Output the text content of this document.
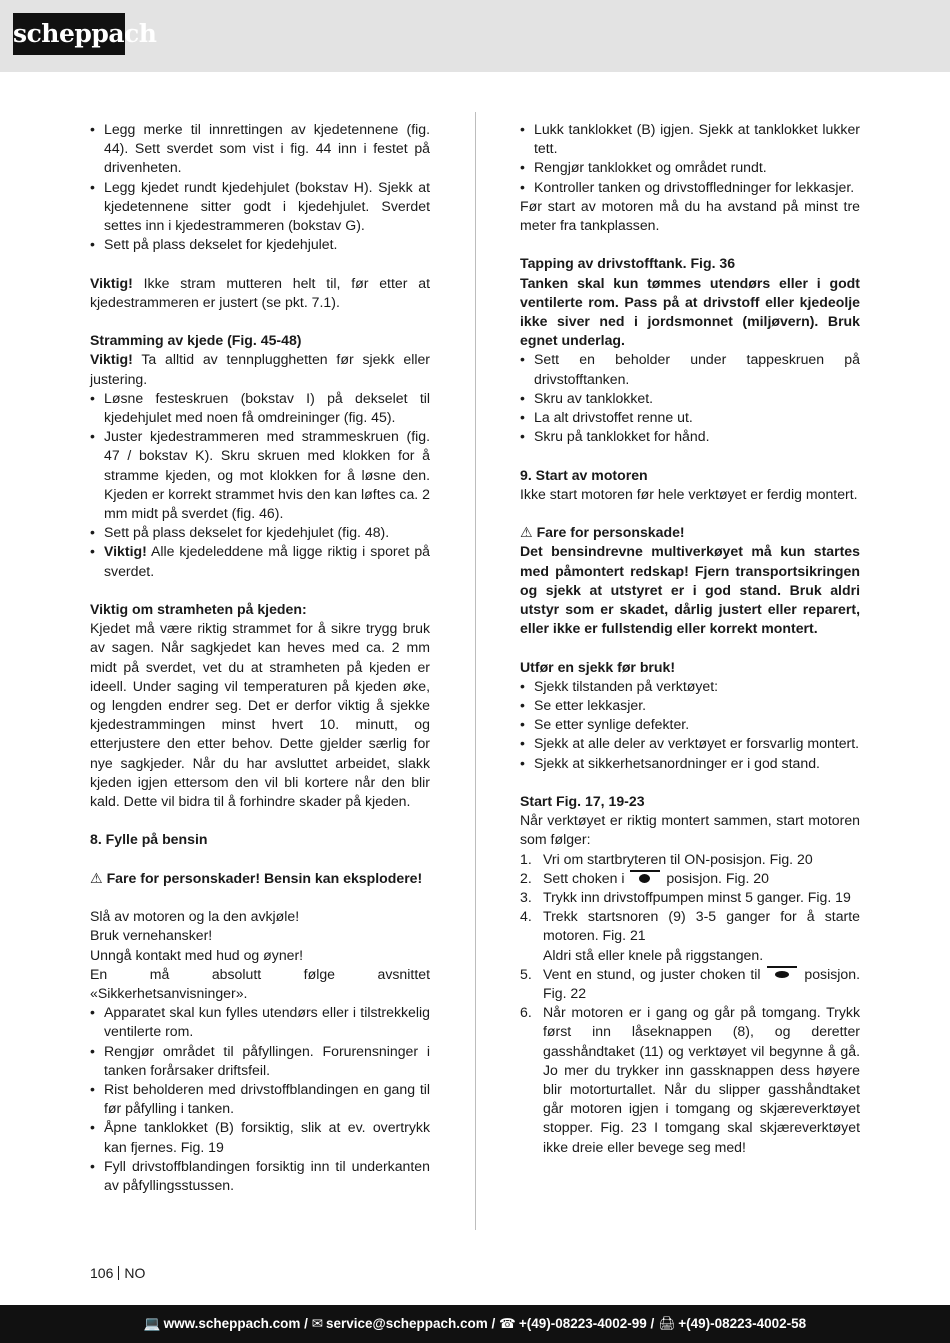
scheppach
• Legg merke til innrettingen av kjedetennene (fig. 44). Sett sverdet som vist i fig. 44 inn i festet på drivenheten.
• Legg kjedet rundt kjedehjulet (bokstav H). Sjekk at kjedetennene sitter godt i kjedehjulet. Sverdet settes inn i kjedestrammeren (bokstav G).
• Sett på plass dekselet for kjedehjulet.

Viktig! Ikke stram mutteren helt til, før etter at kjedestrammeren er justert (se pkt. 7.1).

Stramming av kjede (Fig. 45-48)

Viktig! Ta alltid av tennplugghetten før sjekk eller justering.

• Løsne festeskruen (bokstav I) på dekselet til kjedehjulet med noen få omdreininger (fig. 45).
• Juster kjedestrammeren med strammeskruen (fig. 47 / bokstav K). Skru skruen med klokken for å stramme kjeden, og mot klokken for å løsne den. Kjeden er korrekt strammet hvis den kan løftes ca. 2 mm midt på sverdet (fig. 46).
• Sett på plass dekselet for kjedehjulet (fig. 48).
• Viktig! Alle kjedeleddene må ligge riktig i sporet på sverdet.

Viktig om stramheten på kjeden:

Kjedet må være riktig strammet for å sikre trygg bruk av sagen. Når sagkjedet kan heves med ca. 2 mm midt på sverdet, vet du at stramheten på kjeden er ideell. Under saging vil temperaturen på kjeden øke, og lengden endrer seg. Det er derfor viktig å sjekke kjedestrammingen minst hvert 10. minutt, og etterjustere den etter behov. Dette gjelder særlig for nye sagkjeder. Når du har avsluttet arbeidet, slakk kjeden igjen ettersom den vil bli kortere når den blir kald. Dette vil bidra til å forhindre skader på kjeden.

8. Fylle på bensin

⚠ Fare for personskader! Bensin kan eksplodere!

Slå av motoren og la den avkjøle!

Bruk vernehansker!

Unngå kontakt med hud og øyner!

En må absolutt følge avsnittet «Sikkerhetsanvisninger».

• Apparatet skal kun fylles utendørs eller i tilstrekkelig ventilerte rom.
• Rengjør området til påfyllingen. Forurensninger i tanken forårsaker driftsfeil.
• Rist beholderen med drivstoffblandingen en gang til før påfylling i tanken.
• Åpne tanklokket (B) forsiktig, slik at ev. overtrykk kan fjernes. Fig. 19
• Fyll drivstoffblandingen forsiktig inn til underkanten av påfyllingsstussen.
• Lukk tanklokket (B) igjen. Sjekk at tanklokket lukker tett.
• Rengjør tanklokket og området rundt.
• Kontroller tanken og drivstoffledninger for lekkasjer.

Før start av motoren må du ha avstand på minst tre meter fra tankplassen.

Tapping av drivstofftank. Fig. 36

Tanken skal kun tømmes utendørs eller i godt ventilerte rom. Pass på at drivstoff eller kjedeolje ikke siver ned i jordsmonnet (miljøvern). Bruk egnet underlag.

• Sett en beholder under tappeskruen på drivstofftanken.
• Skru av tanklokket.
• La alt drivstoffet renne ut.
• Skru på tanklokket for hånd.

9. Start av motoren

Ikke start motoren før hele verktøyet er ferdig montert.

⚠ Fare for personskade!

Det bensindrevne multiverkøyet må kun startes med påmontert redskap! Fjern transportsikringen og sjekk at utstyret er i god stand. Bruk aldri utstyr som er skadet, dårlig justert eller reparert, eller ikke er fullstendig eller korrekt montert.

Utfør en sjekk før bruk!

• Sjekk tilstanden på verktøyet:
• Se etter lekkasjer.
• Se etter synlige defekter.
• Sjekk at alle deler av verktøyet er forsvarlig montert.
• Sjekk at sikkerhetsanordninger er i god stand.

Start Fig. 17, 19-23

Når verktøyet er riktig montert sammen, start motoren som følger:

1. Vri om startbryteren til ON-posisjon. Fig. 20
2. Sett choken i  posisjon. Fig. 20
3. Trykk inn drivstoffpumpen minst 5 ganger. Fig. 19
4. Trekk startsnoren (9) 3-5 ganger for å starte motoren. Fig. 21
Aldri stå eller knele på riggstangen.
5. Vent en stund, og juster choken til  posisjon. Fig. 22
6. Når motoren er i gang og går på tomgang. Trykk først inn låseknappen (8), og deretter gasshåndtaket (11) og verktøyet vil begynne å gå. Jo mer du trykker inn gassknappen dess høyere blir motorturtallet. Når du slipper gasshåndtaket går motoren igjen i tomgang og skjæreverktøyet stopper. Fig. 23 I tomgang skal skjæreverktøyet ikke dreie eller bevege seg med!
106 NO
💻 www.scheppach.com / ✉ service@scheppach.com / ☎ +(49)-08223-4002-99 / 🖨 +(49)-08223-4002-58
